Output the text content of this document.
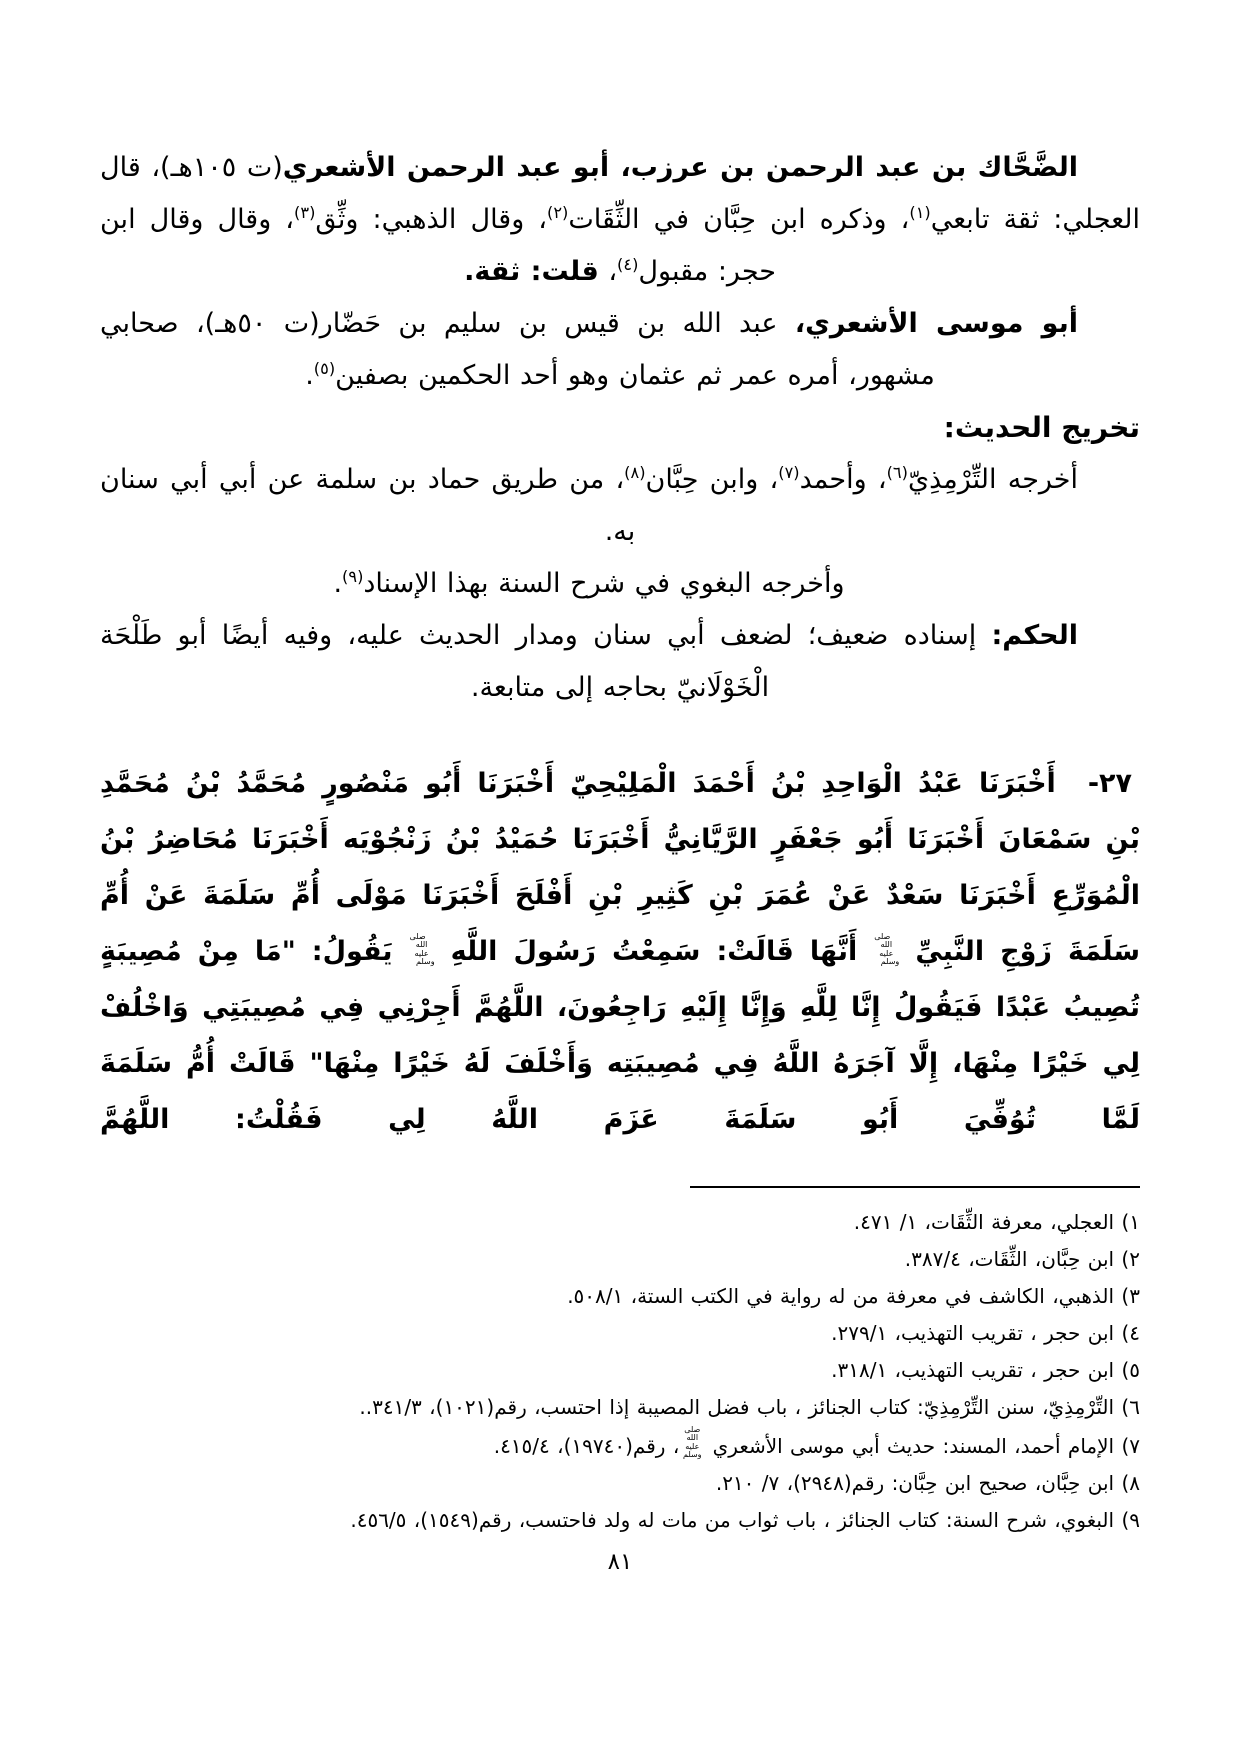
الضَّحَّاك بن عبد الرحمن بن عرزب، أبو عبد الرحمن الأشعري(ت ١٠٥هـ)، قال العجلي: ثقة تابعي$^{(١)}$، وذكره ابن حِبَّان في الثِّقَات$^{(٢)}$، وقال الذهبي: وثِّق$^{(٣)}$، وقال وقال ابن حجر: مقبول$^{(٤)}$، قلت: ثقة.
أبو موسى الأشعري، عبد الله بن قيس بن سليم بن حَضّار(ت ٥٠هـ)، صحابي مشهور، أمره عمر ثم عثمان وهو أحد الحكمين بصفين$^{(٥)}$.
تخريج الحديث:
أخرجه التِّرْمِذِيّ$^{(٦)}$، وأحمد$^{(٧)}$، وابن حِبَّان$^{(٨)}$، من طريق حماد بن سلمة عن أبي أبي سنان به.
وأخرجه البغوي في شرح السنة بهذا الإسناد$^{(٩)}$.
الحكم: إسناده ضعيف؛ لضعف أبي سنان ومدار الحديث عليه، وفيه أيضًا أبو طَلْحَة الْخَوْلَانيّ بحاجه إلى متابعة.
٢٧- أَخْبَرَنَا عَبْدُ الْوَاحِدِ بْنُ أَحْمَدَ الْمَلِيْحِيّ أَخْبَرَنَا أَبُو مَنْصُورٍ مُحَمَّدُ بْنُ مُحَمَّدِ بْنِ سَمْعَانَ أَخْبَرَنَا أَبُو جَعْفَرٍ الرَّيَّانِيُّ أَخْبَرَنَا حُمَيْدُ بْنُ زَنْجُوْيَه أَخْبَرَنَا مُحَاضِرُ بْنُ الْمُوَرِّعِ أَخْبَرَنَا سَعْدٌ عَنْ عُمَرَ بْنِ كَثِيرِ بْنِ أَفْلَحَ أَخْبَرَنَا مَوْلَى أُمِّ سَلَمَةَ عَنْ أُمِّ سَلَمَةَ زَوْجِ النَّبِيِّ صلى الله عليه وسلم أَنَّهَا قَالَتْ: سَمِعْتُ رَسُولَ اللَّهِ صلى الله عليه وسلم يَقُولُ: "مَا مِنْ مُصِيبَةٍ تُصِيبُ عَبْدًا فَيَقُولُ إِنَّا لِلَّهِ وَإِنَّا إِلَيْهِ رَاجِعُونَ، اللَّهُمَّ أَجِرْنِي فِي مُصِيبَتِي وَاخْلُفْ لِي خَيْرًا مِنْهَا، إِلَّا آجَرَهُ اللَّهُ فِي مُصِيبَتِه وَأَخْلَفَ لَهُ خَيْرًا مِنْهَا" قَالَتْ أُمُّ سَلَمَةَ لَمَّا تُوُفِّيَ أَبُو سَلَمَةَ عَزَمَ اللَّهُ لِي فَقُلْتُ: اللَّهُمَّ
١) العجلي، معرفة الثِّقَات، ١/ ٤٧١.
٢) ابن حِبَّان، الثِّقَات، ٣٨٧/٤.
٣) الذهبي، الكاشف في معرفة من له رواية في الكتب الستة، ٥٠٨/١.
٤) ابن حجر ، تقريب التهذيب، ٢٧٩/١.
٥) ابن حجر ، تقريب التهذيب، ٣١٨/١.
٦) التِّرْمِذِيّ، سنن التِّرْمِذِيّ: كتاب الجنائز ، باب فضل المصيبة إذا احتسب، رقم(١٠٢١)، ٣٤١/٣..
٧) الإمام أحمد، المسند: حديث أبي موسى الأشعري صلى الله عليه وسلم، رقم(١٩٧٤٠)، ٤١٥/٤.
٨) ابن حِبَّان، صحيح ابن حِبَّان: رقم(٢٩٤٨)، ٧/ ٢١٠.
٩) البغوي، شرح السنة: كتاب الجنائز ، باب ثواب من مات له ولد فاحتسب، رقم(١٥٤٩)، ٤٥٦/٥.
٨١
